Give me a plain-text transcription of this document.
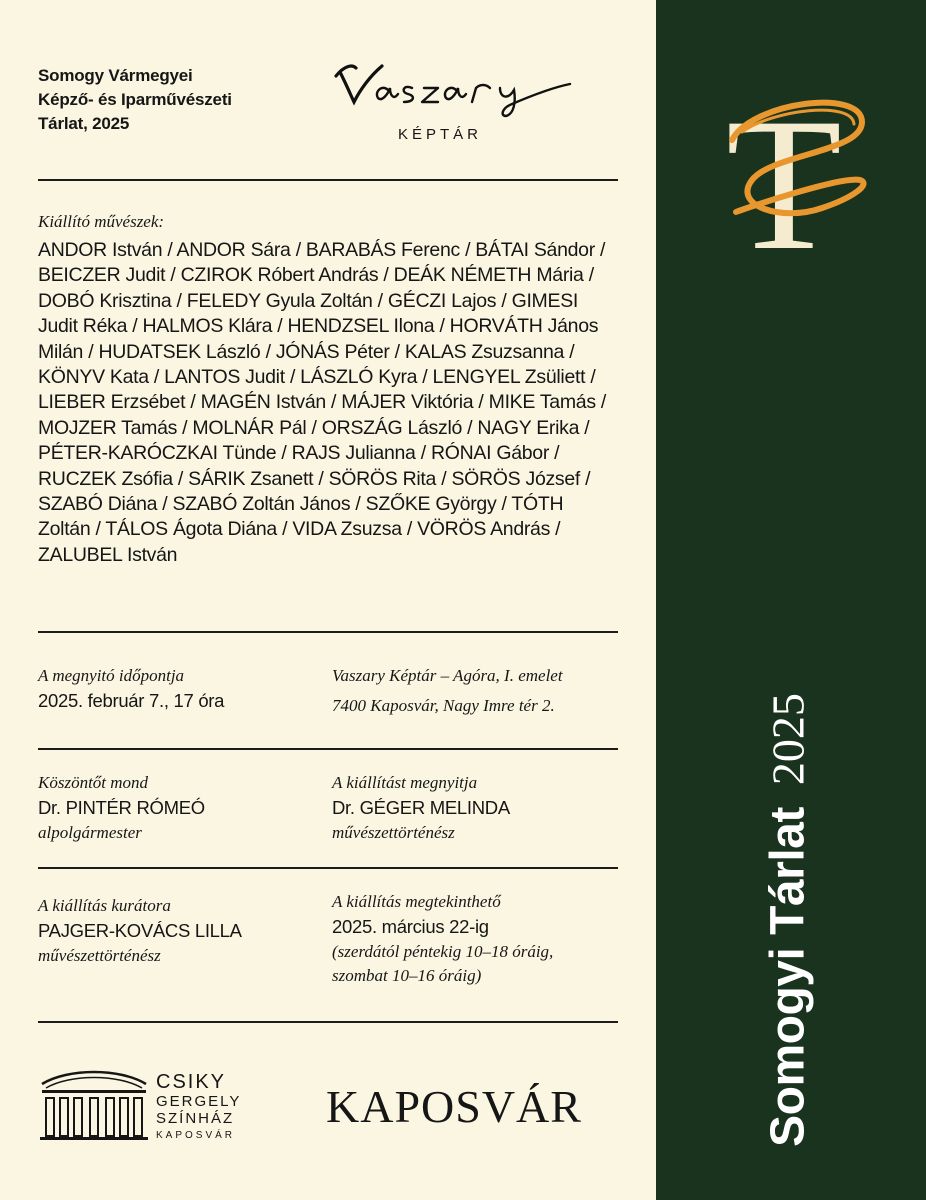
Somogy Vármegyei
Képző- és Iparművészeti
Tárlat, 2025
KÉPTÁR
Kiállító művészek:
ANDOR István / ANDOR Sára / BARABÁS Ferenc / BÁTAI Sándor / BEICZER Judit / CZIROK Róbert András / DEÁK NÉMETH Mária / DOBÓ Krisztina / FELEDY Gyula Zoltán / GÉCZI Lajos / GIMESI Judit Réka / HALMOS Klára / HENDZSEL Ilona / HORVÁTH János Milán / HUDATSEK László / JÓNÁS Péter / KALAS Zsuzsanna / KÖNYV Kata / LANTOS Judit / LÁSZLÓ Kyra / LENGYEL Zsüliett / LIEBER Erzsébet / MAGÉN István / MÁJER Viktória / MIKE Tamás / MOJZER Tamás / MOLNÁR Pál / ORSZÁG László / NAGY Erika / PÉTER-KARÓCZKAI Tünde / RAJS Julianna / RÓNAI Gábor / RUCZEK Zsófia / SÁRIK Zsanett / SÖRÖS Rita / SÖRÖS József / SZABÓ Diána / SZABÓ Zoltán János / SZŐKE György / TÓTH Zoltán / TÁLOS Ágota Diána / VIDA Zsuzsa / VÖRÖS András / ZALUBEL István
A megnyitó időpontja
2025. február 7., 17 óra
Vaszary Képtár – Agóra, I. emelet
7400 Kaposvár, Nagy Imre tér 2.
Köszöntőt mond
Dr. PINTÉR RÓMEÓ
alpolgármester
A kiállítást megnyitja
Dr. GÉGER MELINDA
művészettörténész
A kiállítás kurátora
PAJGER-KOVÁCS LILLA
művészettörténész
A kiállítás megtekinthető
2025. március 22-ig
(szerdától péntekig 10–18 óráig,
szombat 10–16 óráig)
CSIKY
GERGELY
SZÍNHÁZ
KAPOSVÁR
KAPOSVÁR
T
Somogyi Tárlat2025
